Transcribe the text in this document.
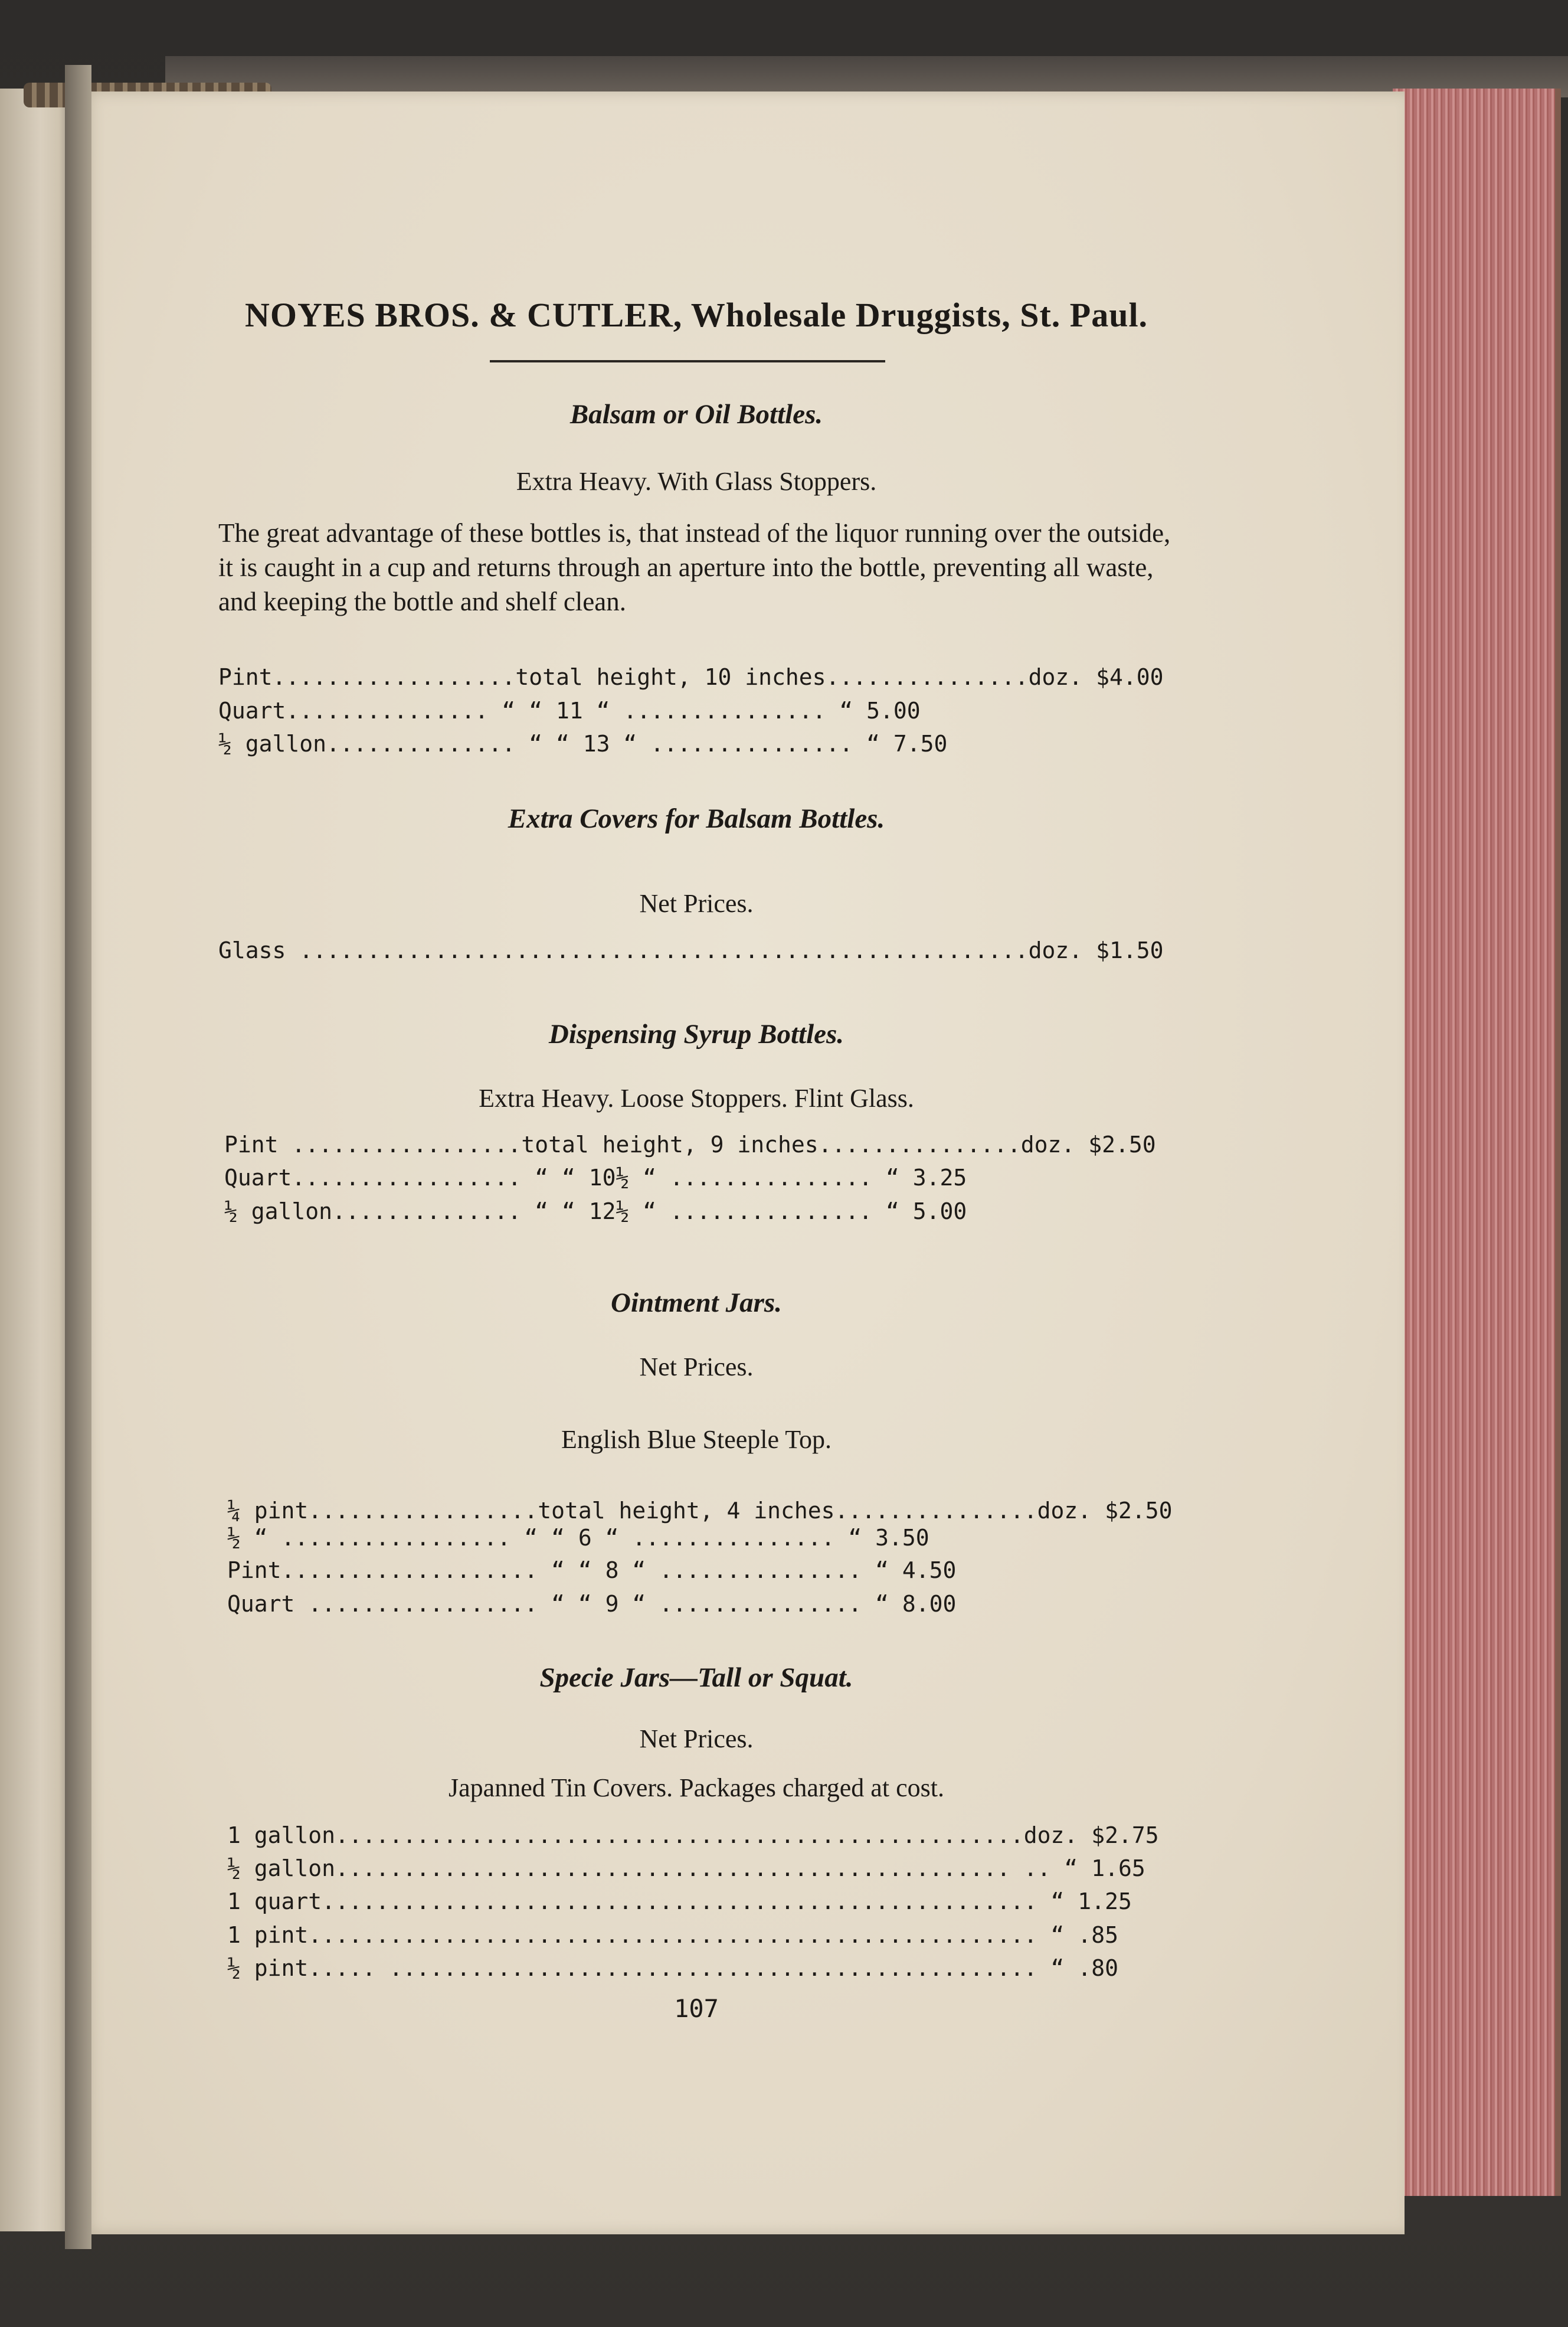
NOYES BROS. & CUTLER, Wholesale Druggists, St. Paul.
Balsam or Oil Bottles.
Extra Heavy. With Glass Stoppers.
The great advantage of these bottles is, that instead of the liquor running over the outside, it is caught in a cup and returns through an aperture into the bottle, preventing all waste, and keeping the bottle and shelf clean.
Pint..................total height, 10 inches...............doz. $4.00
Quart............... “ “ 11 “ ............... “ 5.00
½ gallon.............. “ “ 13 “ ............... “ 7.50
Extra Covers for Balsam Bottles.
Net Prices.
Glass ......................................................doz. $1.50
Dispensing Syrup Bottles.
Extra Heavy. Loose Stoppers. Flint Glass.
Pint .................total height, 9 inches...............doz. $2.50
Quart................. “ “ 10½ “ ............... “ 3.25
½ gallon.............. “ “ 12½ “ ............... “ 5.00
Ointment Jars.
Net Prices.
English Blue Steeple Top.
¼ pint.................total height, 4 inches...............doz. $2.50
½ “ ................. “ “ 6 “ ............... “ 3.50
Pint................... “ “ 8 “ ............... “ 4.50
Quart ................. “ “ 9 “ ............... “ 8.00
Specie Jars—Tall or Squat.
Net Prices.
Japanned Tin Covers. Packages charged at cost.
1 gallon...................................................doz. $2.75
½ gallon.................................................. .. “ 1.65
1 quart..................................................... “ 1.25
1 pint...................................................... “ .85
½ pint..... ................................................ “ .80
107
